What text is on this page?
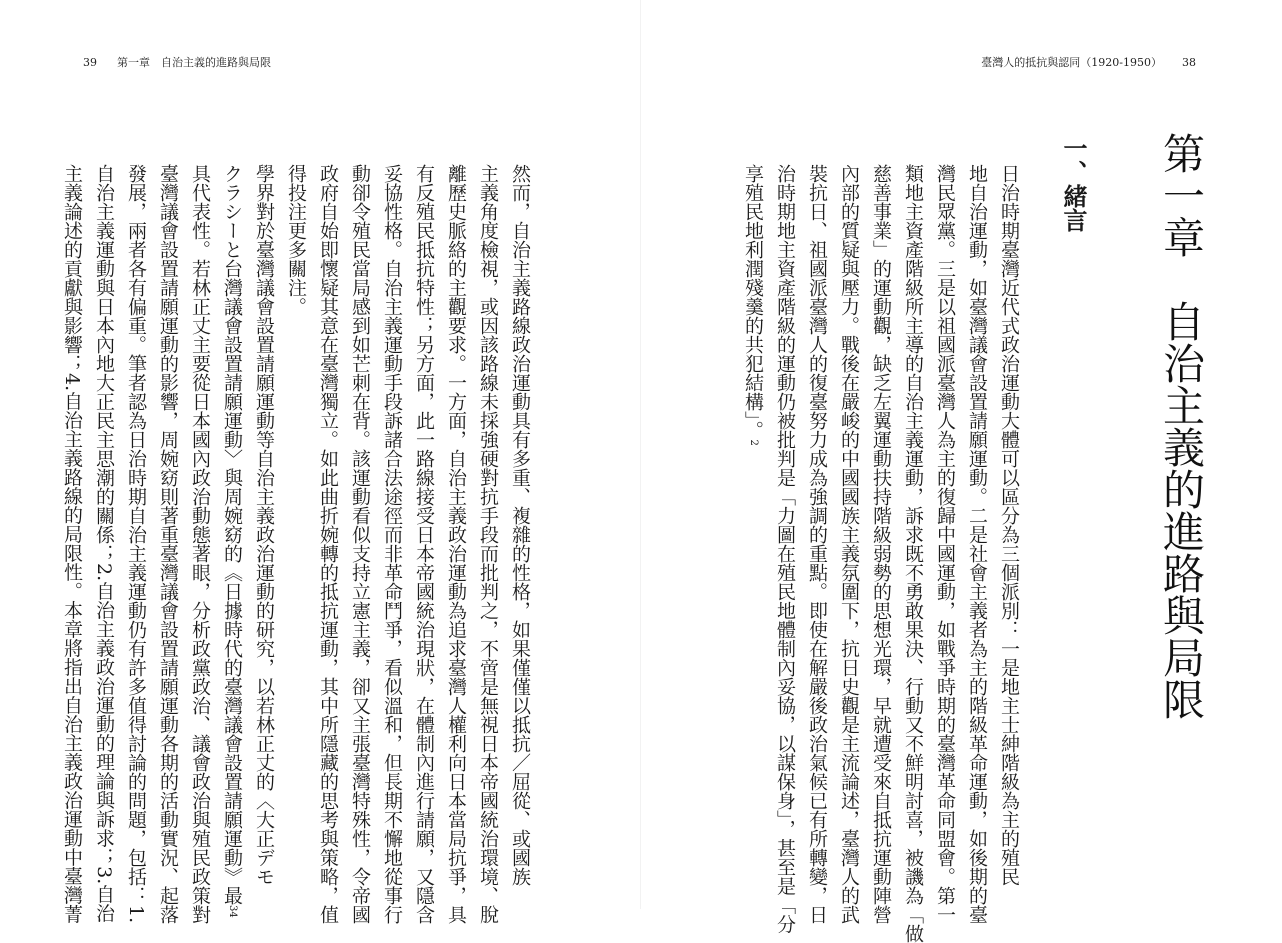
39 第一章　自治主義的進路與局限	臺灣人的抵抗與認同（1920-1950） 38
第一章　自治主義的進路與局限
一、緒言
日治時期臺灣近代式政治運動大體可以區分為三個派別：一是地主士紳階級為主的殖民
地自治運動，如臺灣議會設置請願運動。二是社會主義者為主的階級革命運動，如後期的臺
灣民眾黨。三是以祖國派臺灣人為主的復歸中國運動，如戰爭時期的臺灣革命同盟會。第一
類地主資產階級所主導的自治主義運動，訴求既不勇敢果決、行動又不鮮明討喜，被譏為「做
慈善事業」的運動觀，缺乏左翼運動扶持階級弱勢的思想光環，早就遭受來自抵抗運動陣營
內部的質疑與壓力。戰後在嚴峻的中國國族主義氛圍下，抗日史觀是主流論述，臺灣人的武
裝抗日、祖國派臺灣人的復臺努力成為強調的重點。即使在解嚴後政治氣候已有所轉變，日
治時期地主資產階級的運動仍被批判是「力圖在殖民地體制內妥協，以謀保身」，甚至是「分
享殖民地利潤殘羹的共犯結構」。2
然而，自治主義路線政治運動具有多重、複雜的性格，如果僅僅以抵抗／屈從、或國族
主義角度檢視，或因該路線未採強硬對抗手段而批判之，不啻是無視日本帝國統治環境、脫
離歷史脈絡的主觀要求。一方面，自治主義政治運動為追求臺灣人權利向日本當局抗爭，具
有反殖民抵抗特性；另方面，此一路線接受日本帝國統治現狀，在體制內進行請願，又隱含
妥協性格。自治主義運動手段訴諸合法途徑而非革命鬥爭，看似溫和，但長期不懈地從事行
動卻令殖民當局感到如芒刺在背。該運動看似支持立憲主義，卻又主張臺灣特殊性，令帝國
政府自始即懷疑其意在臺灣獨立。如此曲折婉轉的抵抗運動，其中所隱藏的思考與策略，值
得投注更多關注。
學界對於臺灣議會設置請願運動等自治主義政治運動的研究，以若林正丈的〈大正デモ
クラシーと台灣議會設置請願運動〉與周婉窈的《日據時代的臺灣議會設置請願運動》最34
具代表性。若林正丈主要從日本國內政治動態著眼，分析政黨政治、議會政治與殖民政策對
臺灣議會設置請願運動的影響，周婉窈則著重臺灣議會設置請願運動各期的活動實況、起落
發展，兩者各有偏重。筆者認為日治時期自治主義運動仍有許多值得討論的問題，包括：1.
自治主義運動與日本內地大正民主思潮的關係；2.自治主義政治運動的理論與訴求；3.自治
主義論述的貢獻與影響；4.自治主義路線的局限性。本章將指出自治主義政治運動中臺灣菁
